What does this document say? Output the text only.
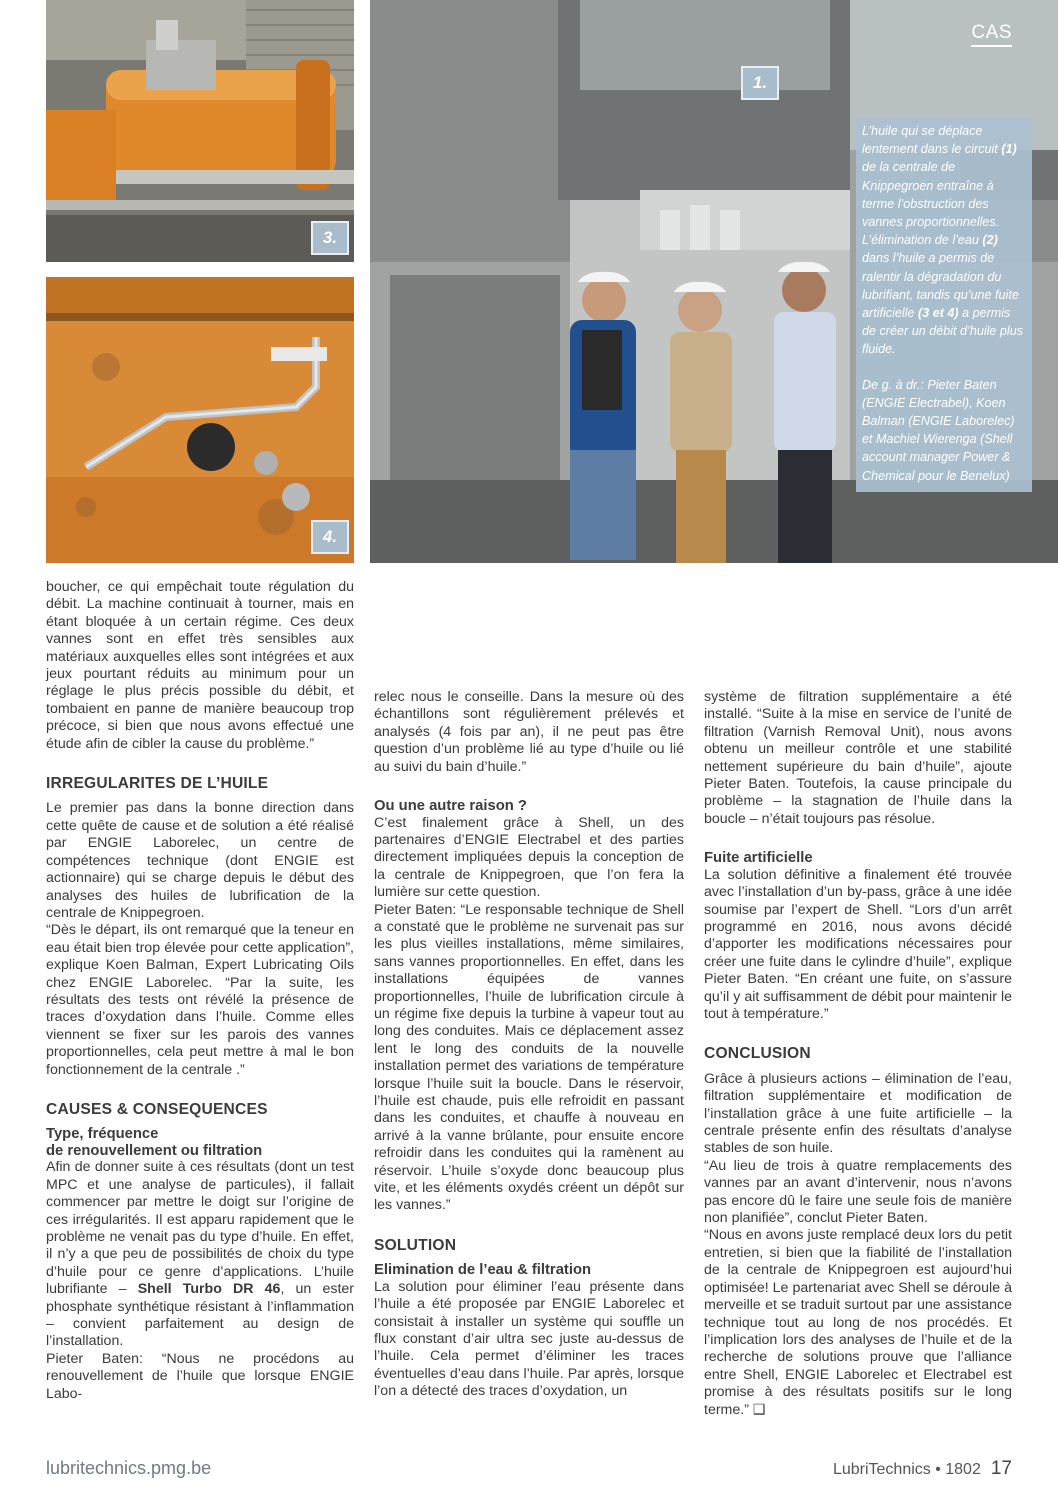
3.
4.
1.
CAS

L’huile qui se déplace lentement dans le circuit (1) de la centrale de Knippegroen entraîne à terme l’obstruction des vannes proportionnelles. L’élimination de l’eau (2) dans l’huile a permis de ralentir la dégradation du lubrifiant, tandis qu’une fuite artificielle (3 et 4) a permis de créer un débit d’huile plus fluide.

De g. à dr.: Pieter Baten (ENGIE Electrabel), Koen Balman (ENGIE Laborelec) et Machiel Wierenga (Shell account manager Power & Chemical pour le Benelux)

boucher, ce qui empêchait toute régulation du débit. La machine continuait à tourner, mais en étant bloquée à un certain régime. Ces deux vannes sont en effet très sensibles aux matériaux auxquelles elles sont intégrées et aux jeux pourtant réduits au minimum pour un réglage le plus précis possible du débit, et tombaient en panne de manière beaucoup trop précoce, si bien que nous avons effectué une étude afin de cibler la cause du problème.”

IRREGULARITES DE L’HUILE

Le premier pas dans la bonne direction dans cette quête de cause et de solution a été réalisé par ENGIE Laborelec, un centre de compétences technique (dont ENGIE est actionnaire) qui se charge depuis le début des analyses des huiles de lubrification de la centrale de Knippegroen.

“Dès le départ, ils ont remarqué que la teneur en eau était bien trop élevée pour cette application”, explique Koen Balman, Expert Lubricating Oils chez ENGIE Laborelec. “Par la suite, les résultats des tests ont révélé la présence de traces d’oxydation dans l’huile. Comme elles viennent se fixer sur les parois des vannes proportionnelles, cela peut mettre à mal le bon fonctionnement de la centrale .”

CAUSES & CONSEQUENCES
Type, fréquence
de renouvellement ou filtration

Afin de donner suite à ces résultats (dont un test MPC et une analyse de particules), il fallait commencer par mettre le doigt sur l’origine de ces irrégularités. Il est apparu rapidement que le problème ne venait pas du type d’huile. En effet, il n’y a que peu de possibilités de choix du type d’huile pour ce genre d’applications. L’huile lubrifiante – Shell Turbo DR 46, un ester phosphate synthétique résistant à l’inflammation – convient parfaitement au design de l’installation.

Pieter Baten: “Nous ne procédons au renouvellement de l’huile que lorsque ENGIE Labo-

relec nous le conseille. Dans la mesure où des échantillons sont régulièrement prélevés et analysés (4 fois par an), il ne peut pas être question d’un problème lié au type d’huile ou lié au suivi du bain d’huile.”

Ou une autre raison ?

C’est finalement grâce à Shell, un des partenaires d’ENGIE Electrabel et des parties directement impliquées depuis la conception de la centrale de Knippegroen, que l’on fera la lumière sur cette question.

Pieter Baten: “Le responsable technique de Shell a constaté que le problème ne survenait pas sur les plus vieilles installations, même similaires, sans vannes proportionnelles. En effet, dans les installations équipées de vannes proportionnelles, l’huile de lubrification circule à un régime fixe depuis la turbine à vapeur tout au long des conduites. Mais ce déplacement assez lent le long des conduits de la nouvelle installation permet des variations de température lorsque l’huile suit la boucle. Dans le réservoir, l’huile est chaude, puis elle refroidit en passant dans les conduites, et chauffe à nouveau en arrivé à la vanne brûlante, pour ensuite encore refroidir dans les conduites qui la ramènent au réservoir. L’huile s’oxyde donc beaucoup plus vite, et les éléments oxydés créent un dépôt sur les vannes.”

SOLUTION
Elimination de l’eau & filtration

La solution pour éliminer l’eau présente dans l’huile a été proposée par ENGIE Laborelec et consistait à installer un système qui souffle un flux constant d’air ultra sec juste au-dessus de l’huile. Cela permet d’éliminer les traces éventuelles d’eau dans l’huile. Par après, lorsque l’on a détecté des traces d’oxydation, un

système de filtration supplémentaire a été installé. “Suite à la mise en service de l’unité de filtration (Varnish Removal Unit), nous avons obtenu un meilleur contrôle et une stabilité nettement supérieure du bain d’huile”, ajoute Pieter Baten. Toutefois, la cause principale du problème – la stagnation de l’huile dans la boucle – n’était toujours pas résolue.

Fuite artificielle

La solution définitive a finalement été trouvée avec l’installation d’un by-pass, grâce à une idée soumise par l’expert de Shell. “Lors d’un arrêt programmé en 2016, nous avons décidé d’apporter les modifications nécessaires pour créer une fuite dans le cylindre d’huile”, explique Pieter Baten. “En créant une fuite, on s’assure qu’il y ait suffisamment de débit pour maintenir le tout à température.”

CONCLUSION

Grâce à plusieurs actions – élimination de l’eau, filtration supplémentaire et modification de l’installation grâce à une fuite artificielle – la centrale présente enfin des résultats d’analyse stables de son huile.

“Au lieu de trois à quatre remplacements des vannes par an avant d’intervenir, nous n’avons pas encore dû le faire une seule fois de manière non planifiée”, conclut Pieter Baten.

“Nous en avons juste remplacé deux lors du petit entretien, si bien que la fiabilité de l’installation de la centrale de Knippegroen est aujourd’hui optimisée! Le partenariat avec Shell se déroule à merveille et se traduit surtout par une assistance technique tout au long de nos procédés. Et l’implication lors des analyses de l’huile et de la recherche de solutions prouve que l’alliance entre Shell, ENGIE Laborelec et Electrabel est promise à des résultats positifs sur le long terme.” ❑

lubritechnics.pmg.be	LubriTechnics • 1802 17
